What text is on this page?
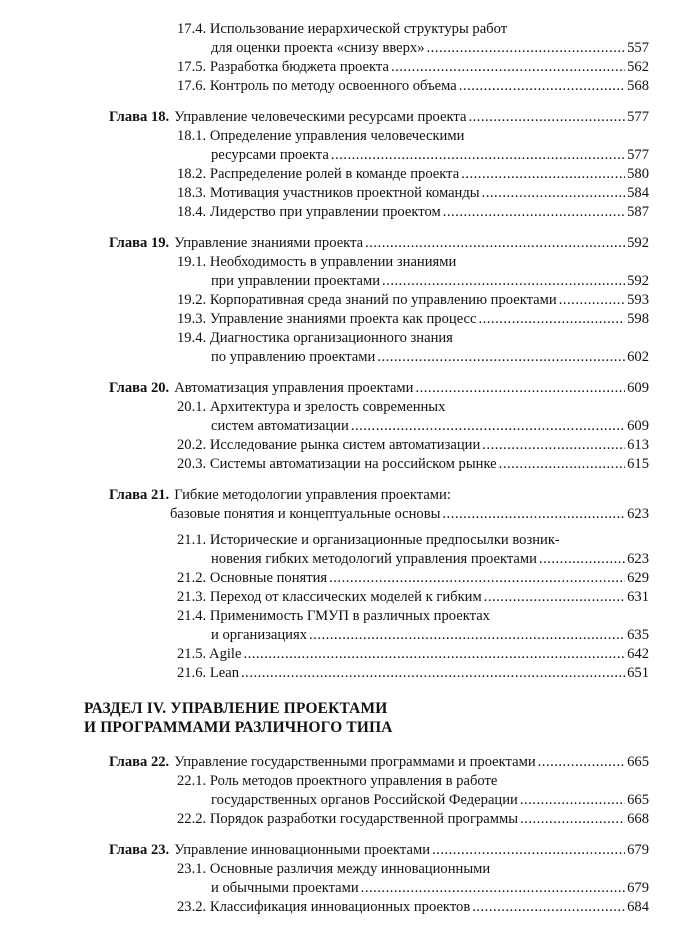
17.4. Использование иерархической структуры работ
для оценки проекта «снизу вверх» .....	557
17.5. Разработка бюджета проекта .....	562
17.6. Контроль по методу освоенного объема .....	568
Глава 18. Управление человеческими ресурсами проекта .....	577
18.1. Определение управления человеческими
ресурсами проекта .....	577
18.2. Распределение ролей в команде проекта .....	580
18.3. Мотивация участников проектной команды .....	584
18.4. Лидерство при управлении проектом .....	587
Глава 19. Управление знаниями проекта .....	592
19.1. Необходимость в управлении знаниями
при управлении проектами .....	592
19.2. Корпоративная среда знаний по управлению проектами .....	593
19.3. Управление знаниями проекта как процесс .....	598
19.4. Диагностика организационного знания
по управлению проектами .....	602
Глава 20. Автоматизация управления проектами .....	609
20.1. Архитектура и зрелость современных
систем автоматизации .....	609
20.2. Исследование рынка систем автоматизации .....	613
20.3. Системы автоматизации на российском рынке .....	615
Глава 21. Гибкие методологии управления проектами:
базовые понятия и концептуальные основы .....	623
21.1. Исторические и организационные предпосылки возник-
новения гибких методологий управления проектами .....	623
21.2. Основные понятия .....	629
21.3. Переход от классических моделей к гибким .....	631
21.4. Применимость ГМУП в различных проектах
и организациях .....	635
21.5. Agile .....	642
21.6. Lean .....	651
РАЗДЕЛ IV. УПРАВЛЕНИЕ ПРОЕКТАМИ
И ПРОГРАММАМИ РАЗЛИЧНОГО ТИПА
Глава 22. Управление государственными программами и проектами .....	665
22.1. Роль методов проектного управления в работе
государственных органов Российской Федерации .....	665
22.2. Порядок разработки государственной программы .....	668
Глава 23. Управление инновационными проектами .....	679
23.1. Основные различия между инновационными
и обычными проектами .....	679
23.2. Классификация инновационных проектов .....	684
